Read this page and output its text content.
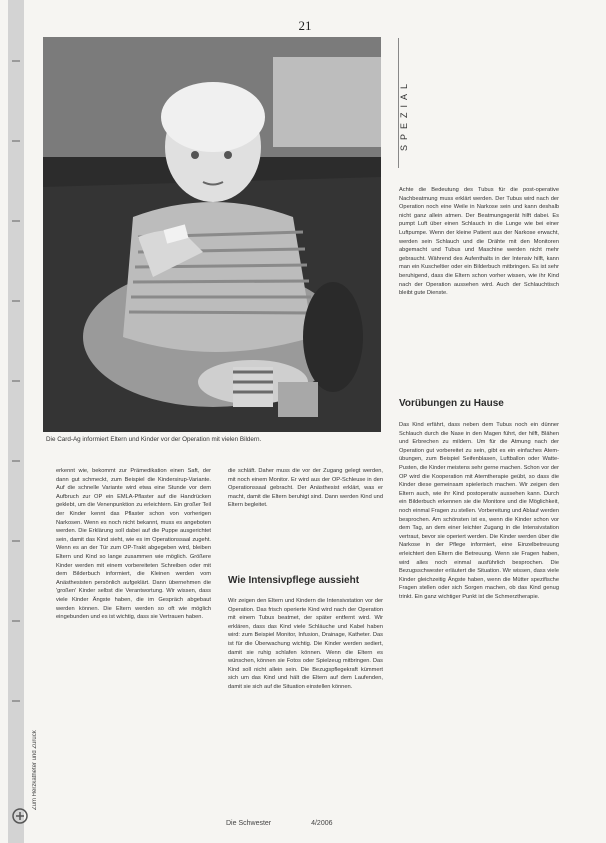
21
Die Card-Ag informiert Eltern und Kinder vor der Operation mit vielen Bildern.
SPEZIAL

Achte die Bedeutung des Tubus für die post-operative Nachbeatmung muss erklärt werden. Der Tubus wird nach der Operation noch eine Weile in Narkose sein und kann deshalb nicht ganz allein atmen. Der Beatmungsgerät hilft dabei. Es pumpt Luft über einen Schlauch in die Lunge wie bei einer Luftpumpe. Wenn der kleine Patient aus der Narkose erwacht, werden sein Schlauch und die Drähte mit den Monitoren abgemacht und Tubus und Maschine werden nicht mehr gebraucht. Während des Aufenthalts in der Intensiv hilft, kann man ein Kuscheltier oder ein Bilderbuch mitbringen. Es ist sehr beruhigend, dass die Eltern schon vorher wissen, wie ihr Kind nach der Operation aussehen wird. Auch der Schlauchtisch bleibt gute Dienste.

Vorübungen zu Hause

Das Kind erfährt, dass neben dem Tubus noch ein dünner Schlauch durch die Nase in den Magen führt, der hilft, Blähen und Erbrechen zu mildern. Um für die Atmung nach der Operation gut vorbereitet zu sein, gibt es ein einfaches Atem-übungen, zum Beispiel Seifenblasen, Luftballon oder Watte-Pusten, die Kinder meistens sehr gerne machen. Schon vor der OP wird die Kooperation mit Atemtherapie geübt, so dass die Kinder diese gemeinsam spielerisch machen. Wir zeigen den Eltern auch, wie ihr Kind postoperativ aussehen kann. Durch ein Bilderbuch erkennen sie die Monitore und die Möglichkeit, noch einmal Fragen zu stellen. Vorbereitung und Ablauf werden besprochen. Am schönsten ist es, wenn die Kinder schon vor dem Tag, an dem einer leichter Zugang in die Intensivstation vertraut, bevor sie operiert werden. Die Kinder werden über die Narkose in der Pflege informiert, eine Einzelbetreuung erleichtert den Eltern die Betreuung. Wenn sie Fragen haben, wird alles noch einmal ausführlich besprochen. Die Bezugsschwester erläutert die Situation. Wir wissen, dass viele Kinder gleichzeitig Ängste haben, wenn die Mütter spezifische Fragen stellen oder sich Sorgen machen, ob das Kind genug trinkt. Ein ganz wichtiger Punkt ist die Schmerztherapie.

erkennt wie, bekommt zur Prämedikation einen Saft, der dann gut schmeckt, zum Beispiel die Kindersirup-Variante. Auf die schnelle Variante wird etwa eine Stunde vor dem Aufbruch zur OP ein EMLA-Pflaster auf die Handrücken geklebt, um die Venenpunktion zu erleichtern. Ein großer Teil der Kinder kennt das Pflaster schon von vorherigen Narkosen. Wenn es noch nicht bekannt, muss es angeboten werden. Die Erklärung soll dabei auf die Puppe ausgerichtet sein, damit das Kind sieht, wie es im Operationssaal zugeht. Wenn es an der Tür zum OP-Trakt abgegeben wird, bleiben Eltern und Kind so lange zusammen wie möglich. Größere Kinder werden mit einem vorbereiteten Schreiben oder mit dem Bilderbuch informiert, die Kleinen werden vom Anästhesisten persönlich aufgeklärt. Dann übernehmen die 'großen' Kinder selbst die Verantwortung. Wir wissen, dass viele Kinder Ängste haben, die im Gespräch abgebaut werden können. Die Eltern werden so oft wie möglich eingebunden und es ist wichtig, dass sie Vertrauen haben.

die schläft. Daher muss die vor der Zugang gelegt werden, mit noch einem Monitor. Er wird aus der OP-Schleuse in den Operationssaal gebracht. Der Anästhesist erklärt, was er macht, damit die Eltern beruhigt sind. Dann werden Kind und Eltern begleitet.

Wie Intensivpflege aussieht

Wir zeigen den Eltern und Kindern die Intensivstation vor der Operation. Das frisch operierte Kind wird nach der Operation mit einem Tubus beatmet, der später entfernt wird. Wir erklären, dass das Kind viele Schläuche und Kabel haben wird: zum Beispiel Monitor, Infusion, Drainage, Katheter. Das ist für die Überwachung wichtig. Die Kinder werden sediert, damit sie ruhig schlafen können. Wenn die Eltern es wünschen, können sie Fotos oder Spielzeug mitbringen. Das Kind soll nicht allein sein. Die Bezugspflegekraft kümmert sich um das Kind und hält die Eltern auf dem Laufenden, damit sie sich auf die Situation einstellen können.

Zum Herzkatheter und Zurück
Die Schwester	4/2006
